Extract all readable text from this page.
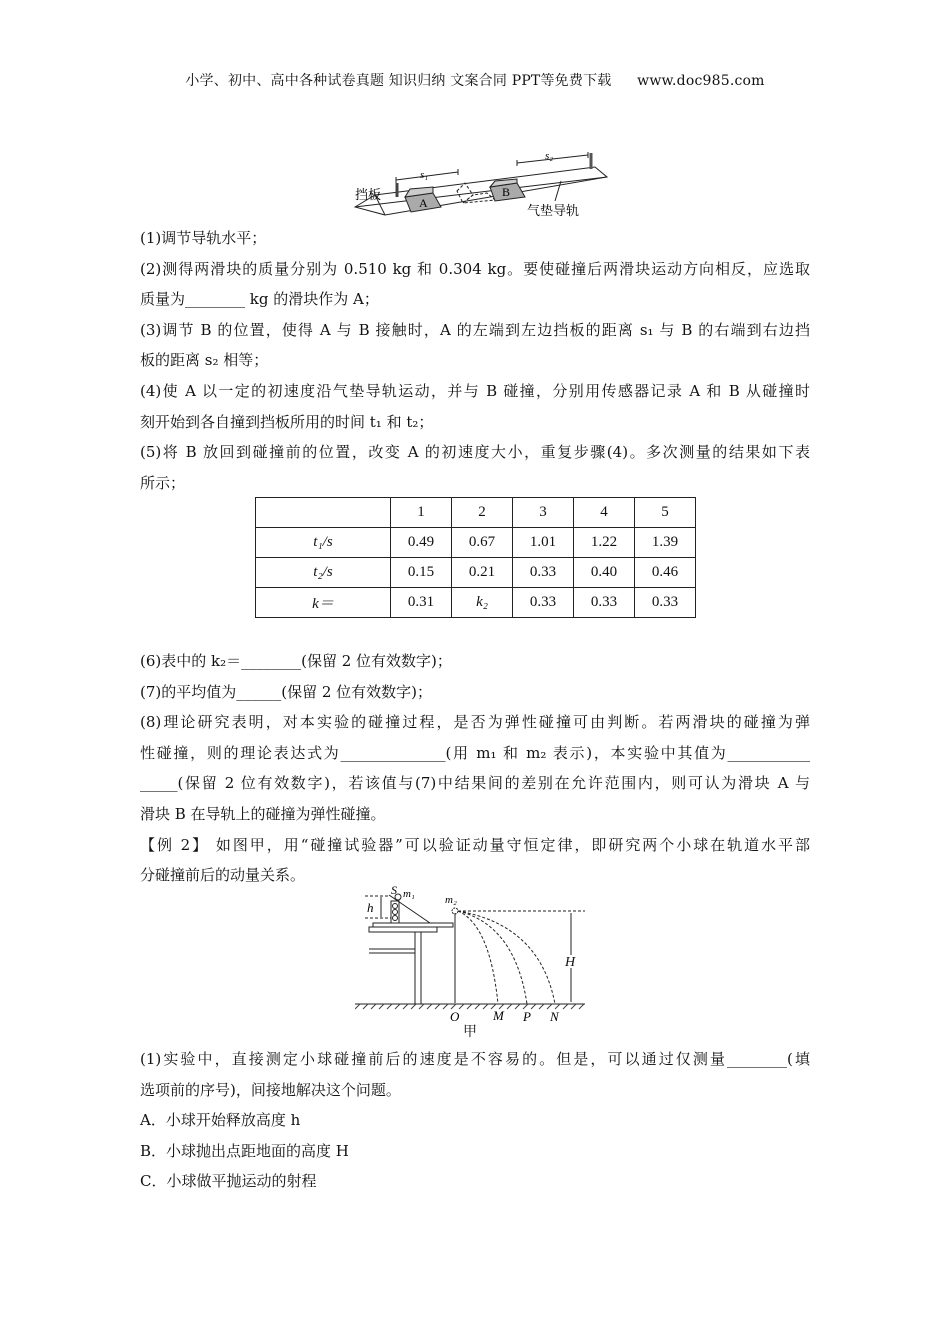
小学、初中、高中各种试卷真题 知识归纳 文案合同 PPT等免费下载 www.doc985.com
A
B
s₁
s₂
挡板
气垫导轨
(1)调节导轨水平；
(2)测得两滑块的质量分别为 0.510 kg 和 0.304 kg。要使碰撞后两滑块运动方向相反，应选取
质量为________ kg 的滑块作为 A；
(3)调节 B 的位置，使得 A 与 B 接触时，A 的左端到左边挡板的距离 s₁ 与 B 的右端到右边挡
板的距离 s₂ 相等；
(4)使 A 以一定的初速度沿气垫导轨运动，并与 B 碰撞，分别用传感器记录 A 和 B 从碰撞时
刻开始到各自撞到挡板所用的时间 t₁ 和 t₂；
(5)将 B 放回到碰撞前的位置，改变 A 的初速度大小，重复步骤(4)。多次测量的结果如下表
所示；
	1	2	3	4	5
t₁/s	0.49	0.67	1.01	1.22	1.39
t₂/s	0.15	0.21	0.33	0.40	0.46
k＝	0.31	k₂	0.33	0.33	0.33
(6)表中的 k₂＝________(保留 2 位有效数字)；
(7)的平均值为______(保留 2 位有效数字)；
(8)理论研究表明，对本实验的碰撞过程，是否为弹性碰撞可由判断。若两滑块的碰撞为弹
性碰撞，则的理论表达式为______________(用 m₁ 和 m₂ 表示)，本实验中其值为___________
_____(保留 2 位有效数字)，若该值与(7)中结果间的差别在允许范围内，则可认为滑块 A 与
滑块 B 在导轨上的碰撞为弹性碰撞。
【例 2】 如图甲，用“碰撞试验器”可以验证动量守恒定律，即研究两个小球在轨道水平部
分碰撞前后的动量关系。
h
S m₁	m₂
H
O	M P N
甲
(1)实验中，直接测定小球碰撞前后的速度是不容易的。但是，可以通过仅测量________(填
选项前的序号)，间接地解决这个问题。
A．小球开始释放高度 h
B．小球抛出点距地面的高度 H
C．小球做平抛运动的射程
